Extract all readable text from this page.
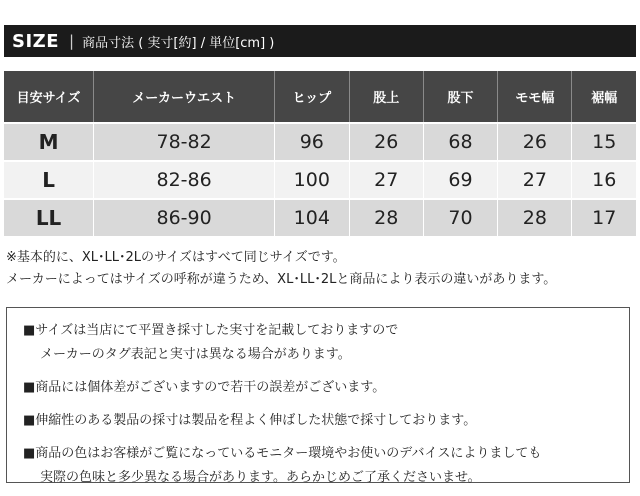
SIZE | 商品寸法 ( 実寸[約] / 単位[cm] )
目安サイズ	メーカーウエスト	ヒップ	股上	股下	モモ幅	裾幅

M	78-82	96	26	68	26	15

L	82-86	100	27	69	27	16

LL	86-90	104	28	70	28	17

※基本的に、XL･LL･2Lのサイズはすべて同じサイズです。

メーカーによってはサイズの呼称が違うため、XL･LL･2Lと商品により表示の違いがあります。

■サイズは当店にて平置き採寸した実寸を記載しておりますので
メーカーのタグ表記と実寸は異なる場合があります。
■商品には個体差がございますので若干の誤差がございます。
■伸縮性のある製品の採寸は製品を程よく伸ばした状態で採寸しております。
■商品の色はお客様がご覧になっているモニター環境やお使いのデバイスによりましても
実際の色味と多少異なる場合があります。あらかじめご了承くださいませ。
